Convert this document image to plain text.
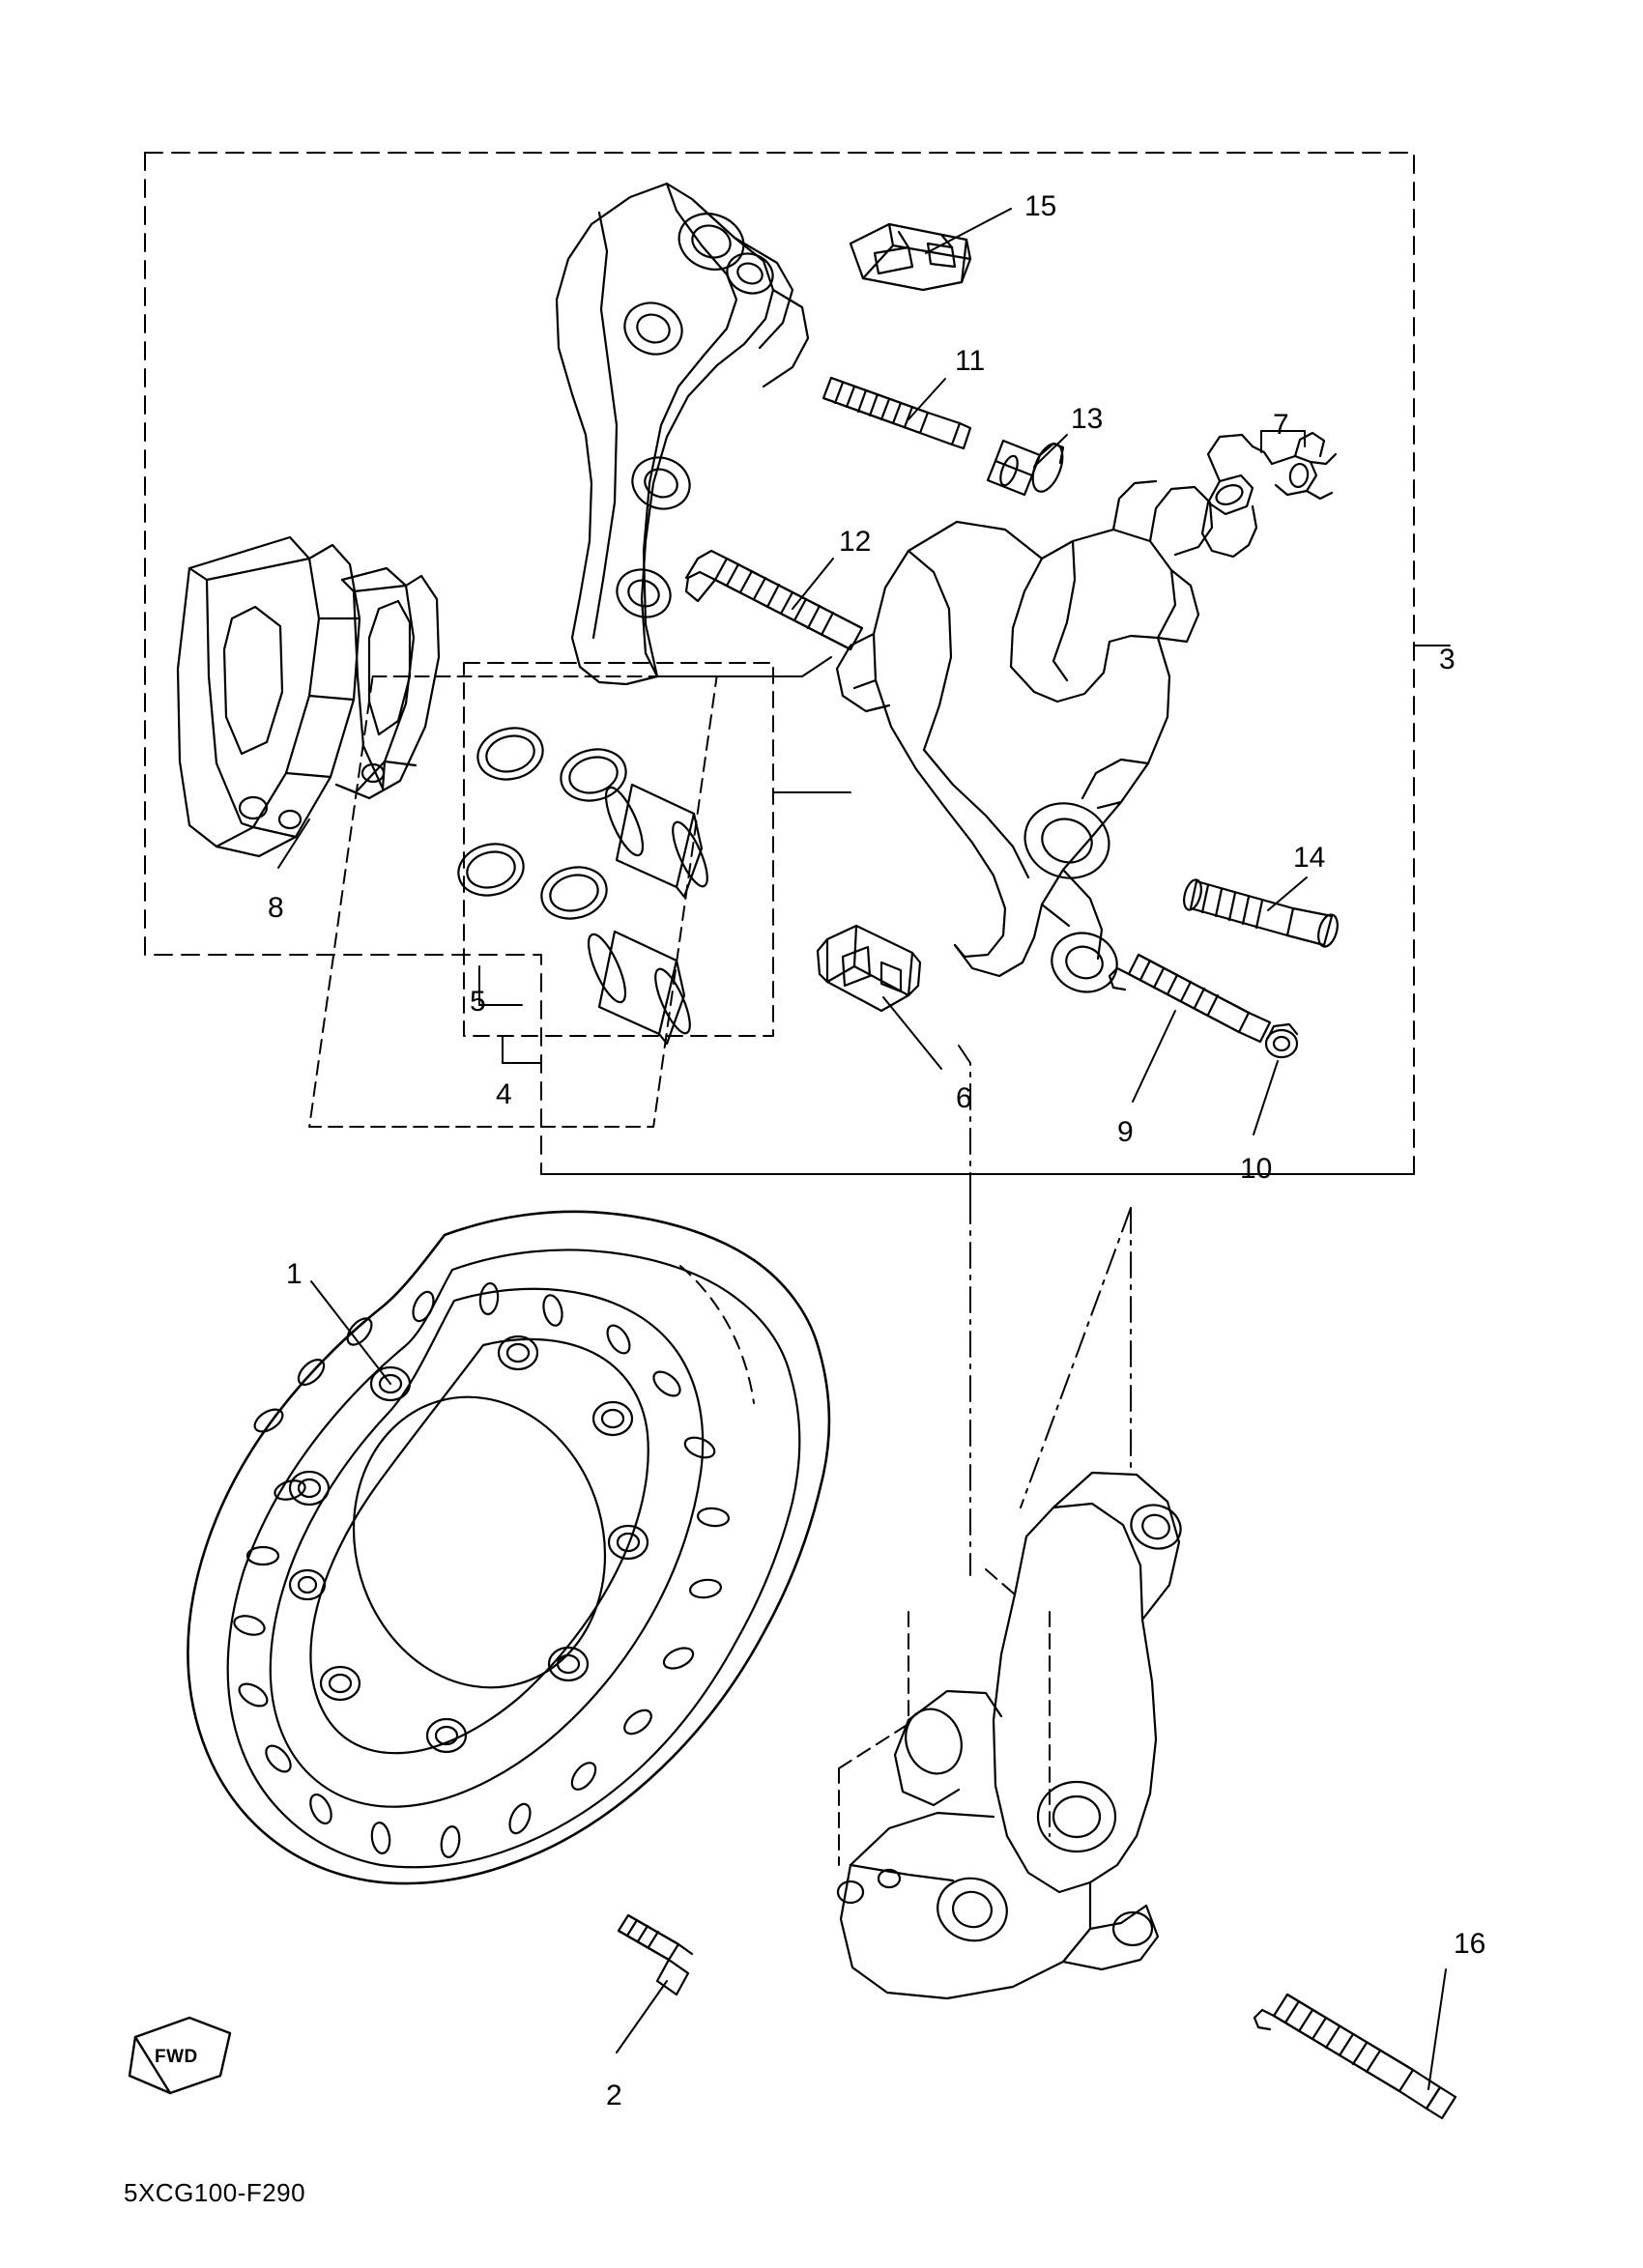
1
2
3
4
5
6
7
8
9
10
11
12
13
14
15
16
FWD
5XCG100-F290
